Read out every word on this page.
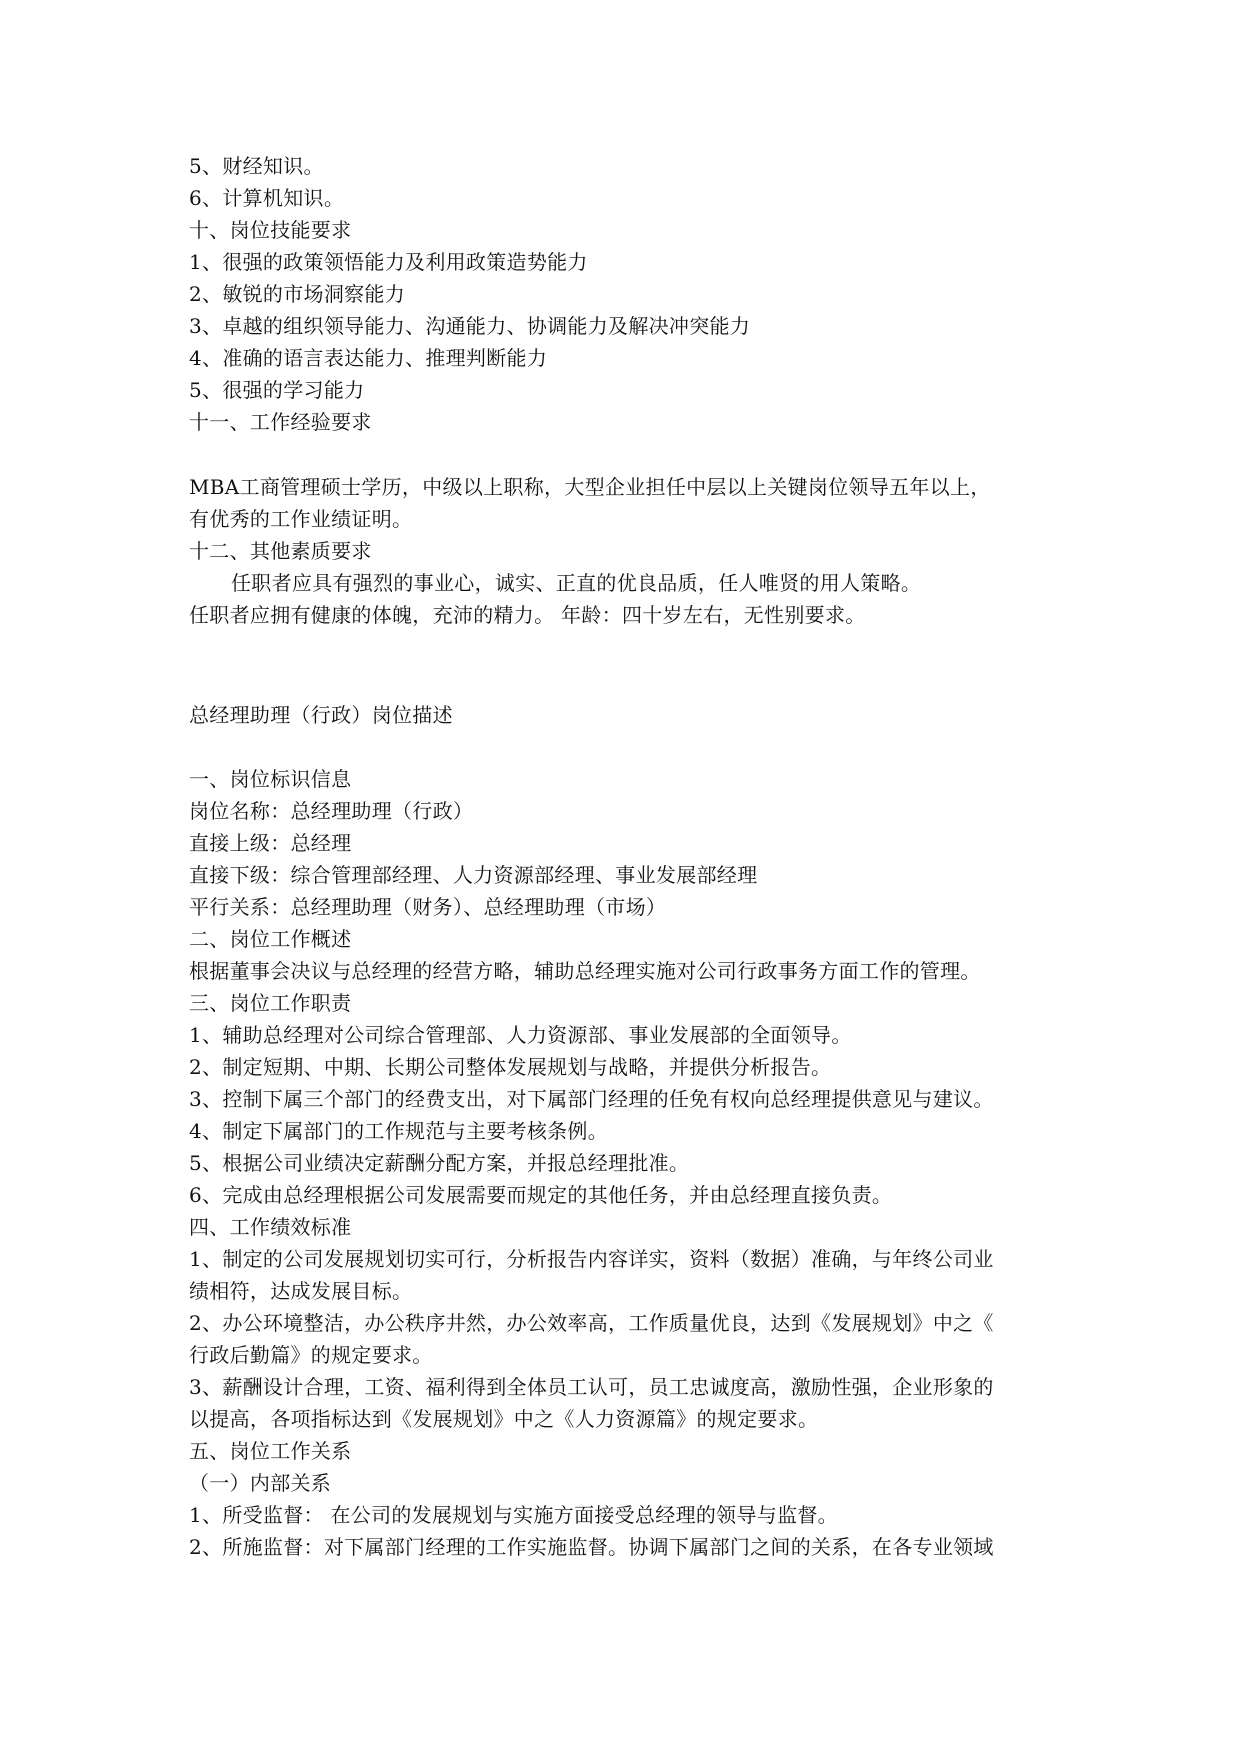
5、财经知识。
6、计算机知识。
十、岗位技能要求
1、很强的政策领悟能力及利用政策造势能力
2、敏锐的市场洞察能力
3、卓越的组织领导能力、沟通能力、协调能力及解决冲突能力
4、准确的语言表达能力、推理判断能力
5、很强的学习能力
十一、工作经验要求
MBA工商管理硕士学历，中级以上职称，大型企业担任中层以上关键岗位领导五年以上，
有优秀的工作业绩证明。
十二、其他素质要求
任职者应具有强烈的事业心，诚实、正直的优良品质，任人唯贤的用人策略。
任职者应拥有健康的体魄，充沛的精力。 年龄：四十岁左右，无性别要求。
总经理助理（行政）岗位描述
一、岗位标识信息
岗位名称：总经理助理（行政）
直接上级：总经理
直接下级：综合管理部经理、人力资源部经理、事业发展部经理
平行关系：总经理助理（财务）、总经理助理（市场）
二、岗位工作概述
根据董事会决议与总经理的经营方略，辅助总经理实施对公司行政事务方面工作的管理。
三、岗位工作职责
1、辅助总经理对公司综合管理部、人力资源部、事业发展部的全面领导。
2、制定短期、中期、长期公司整体发展规划与战略，并提供分析报告。
3、控制下属三个部门的经费支出，对下属部门经理的任免有权向总经理提供意见与建议。
4、制定下属部门的工作规范与主要考核条例。
5、根据公司业绩决定薪酬分配方案，并报总经理批准。
6、完成由总经理根据公司发展需要而规定的其他任务，并由总经理直接负责。
四、工作绩效标准
1、制定的公司发展规划切实可行，分析报告内容详实，资料（数据）准确，与年终公司业
绩相符，达成发展目标。
2、办公环境整洁，办公秩序井然，办公效率高，工作质量优良，达到《发展规划》中之《
行政后勤篇》的规定要求。
3、薪酬设计合理，工资、福利得到全体员工认可，员工忠诚度高，激励性强，企业形象的
以提高，各项指标达到《发展规划》中之《人力资源篇》的规定要求。
五、岗位工作关系
（一）内部关系
1、所受监督： 在公司的发展规划与实施方面接受总经理的领导与监督。
2、所施监督：对下属部门经理的工作实施监督。协调下属部门之间的关系，在各专业领域
